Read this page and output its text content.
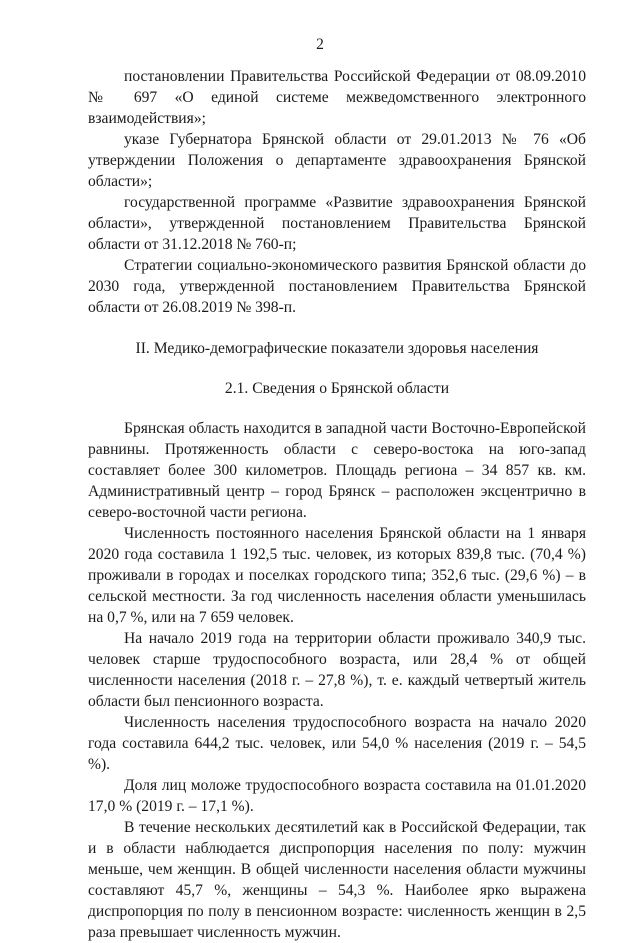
2

постановлении Правительства Российской Федерации от 08.09.2010 № 697 «О единой системе межведомственного электронного взаимодействия»;

указе Губернатора Брянской области от 29.01.2013 № 76 «Об утверждении Положения о департаменте здравоохранения Брянской области»;

государственной программе «Развитие здравоохранения Брянской области», утвержденной постановлением Правительства Брянской области от 31.12.2018 № 760-п;

Стратегии социально-экономического развития Брянской области до 2030 года, утвержденной постановлением Правительства Брянской области от 26.08.2019 № 398-п.

II. Медико-демографические показатели здоровья населения

2.1. Сведения о Брянской области

Брянская область находится в западной части Восточно-Европейской равнины. Протяженность области с северо-востока на юго-запад составляет более 300 километров. Площадь региона – 34 857 кв. км. Административный центр – город Брянск – расположен эксцентрично в северо-восточной части региона.

Численность постоянного населения Брянской области на 1 января 2020 года составила 1 192,5 тыс. человек, из которых 839,8 тыс. (70,4 %) проживали в городах и поселках городского типа; 352,6 тыс. (29,6 %) – в сельской местности. За год численность населения области уменьшилась на 0,7 %, или на 7 659 человек.

На начало 2019 года на территории области проживало 340,9 тыс. человек старше трудоспособного возраста, или 28,4 % от общей численности населения (2018 г. – 27,8 %), т. е. каждый четвертый житель области был пенсионного возраста.

Численность населения трудоспособного возраста на начало 2020 года составила 644,2 тыс. человек, или 54,0 % населения (2019 г. – 54,5 %).

Доля лиц моложе трудоспособного возраста составила на 01.01.2020 17,0 % (2019 г. – 17,1 %).

В течение нескольких десятилетий как в Российской Федерации, так и в области наблюдается диспропорция населения по полу: мужчин меньше, чем женщин. В общей численности населения области мужчины составляют 45,7 %, женщины – 54,3 %. Наиболее ярко выражена диспропорция по полу в пенсионном возрасте: численность женщин в 2,5 раза превышает численность мужчин.
